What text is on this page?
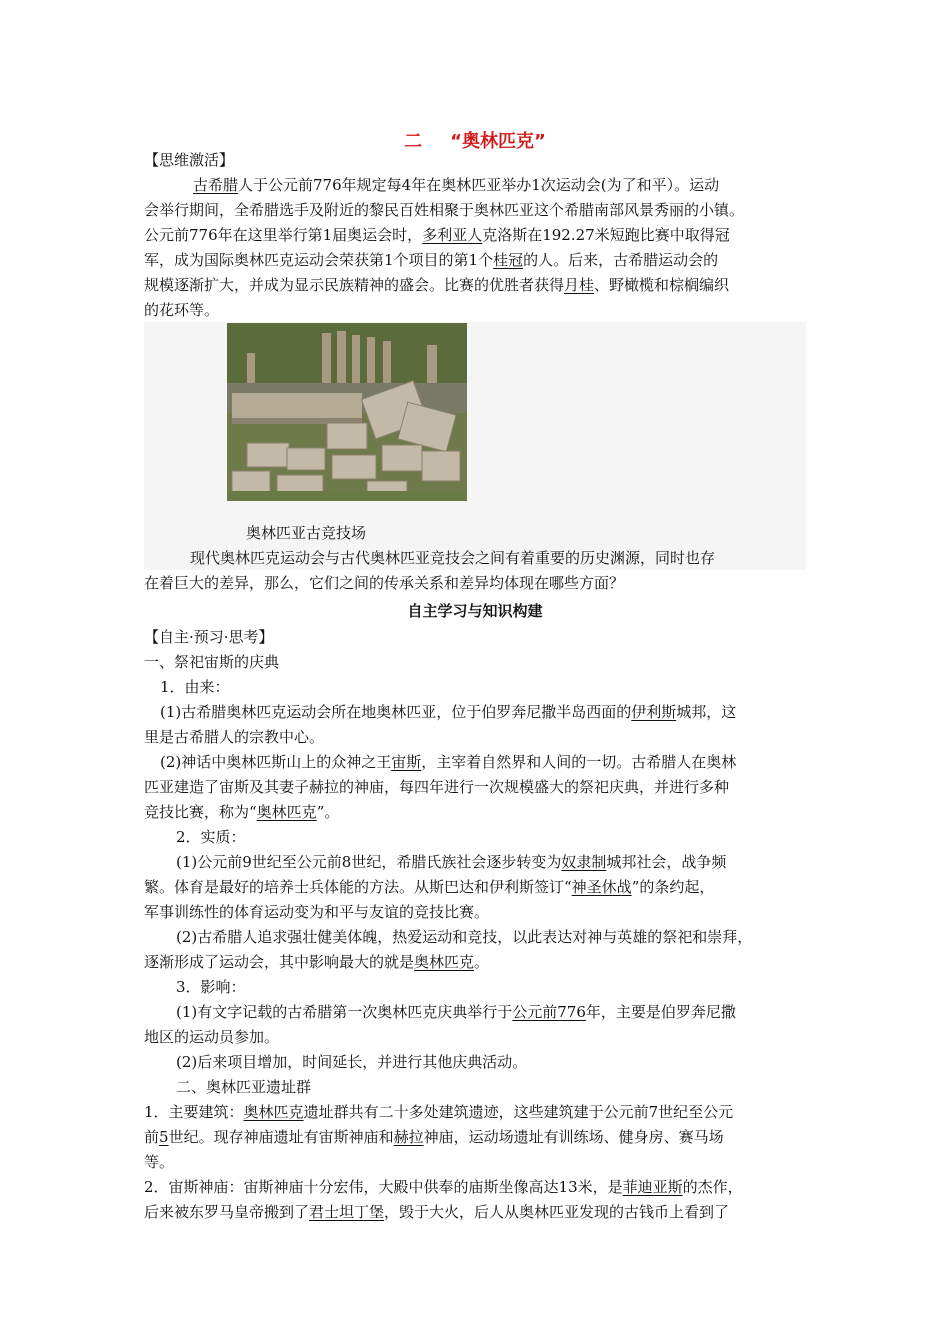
二 “奥林匹克”
【思维激活】
古希腊人于公元前776年规定每4年在奥林匹亚举办1次运动会(为了和平）。运动
会举行期间，全希腊选手及附近的黎民百姓相聚于奥林匹亚这个希腊南部风景秀丽的小镇。
公元前776年在这里举行第1届奥运会时，多利亚人克洛斯在192.27米短跑比赛中取得冠
军，成为国际奥林匹克运动会荣获第1个项目的第1个桂冠的人。后来，古希腊运动会的
规模逐渐扩大，并成为显示民族精神的盛会。比赛的优胜者获得月桂、野橄榄和棕榈编织
的花环等。
奥林匹亚古竞技场
现代奥林匹克运动会与古代奥林匹亚竞技会之间有着重要的历史渊源，同时也存
在着巨大的差异，那么，它们之间的传承关系和差异均体现在哪些方面？
自主学习与知识构建
【自主·预习·思考】
一、祭祀宙斯的庆典
1．由来：
(1)古希腊奥林匹克运动会所在地奥林匹亚，位于伯罗奔尼撒半岛西面的伊利斯城邦，这
里是古希腊人的宗教中心。
(2)神话中奥林匹斯山上的众神之王宙斯，主宰着自然界和人间的一切。古希腊人在奥林
匹亚建造了宙斯及其妻子赫拉的神庙，每四年进行一次规模盛大的祭祀庆典，并进行多种
竞技比赛，称为“奥林匹克”。
2．实质：
(1)公元前9世纪至公元前8世纪，希腊氏族社会逐步转变为奴隶制城邦社会，战争频
繁。体育是最好的培养士兵体能的方法。从斯巴达和伊利斯签订“神圣休战”的条约起，
军事训练性的体育运动变为和平与友谊的竞技比赛。
(2)古希腊人追求强壮健美体魄，热爱运动和竞技，以此表达对神与英雄的祭祀和崇拜，
逐渐形成了运动会，其中影响最大的就是奥林匹克。
3．影响：
(1)有文字记载的古希腊第一次奥林匹克庆典举行于公元前776年，主要是伯罗奔尼撒
地区的运动员参加。
(2)后来项目增加，时间延长，并进行其他庆典活动。
二、奥林匹亚遗址群
1．主要建筑：奥林匹克遗址群共有二十多处建筑遗迹，这些建筑建于公元前7世纪至公元
前5世纪。现存神庙遗址有宙斯神庙和赫拉神庙，运动场遗址有训练场、健身房、赛马场
等。
2．宙斯神庙：宙斯神庙十分宏伟，大殿中供奉的庙斯坐像高达13米，是菲迪亚斯的杰作，
后来被东罗马皇帝搬到了君士坦丁堡，毁于大火，后人从奥林匹亚发现的古钱币上看到了
